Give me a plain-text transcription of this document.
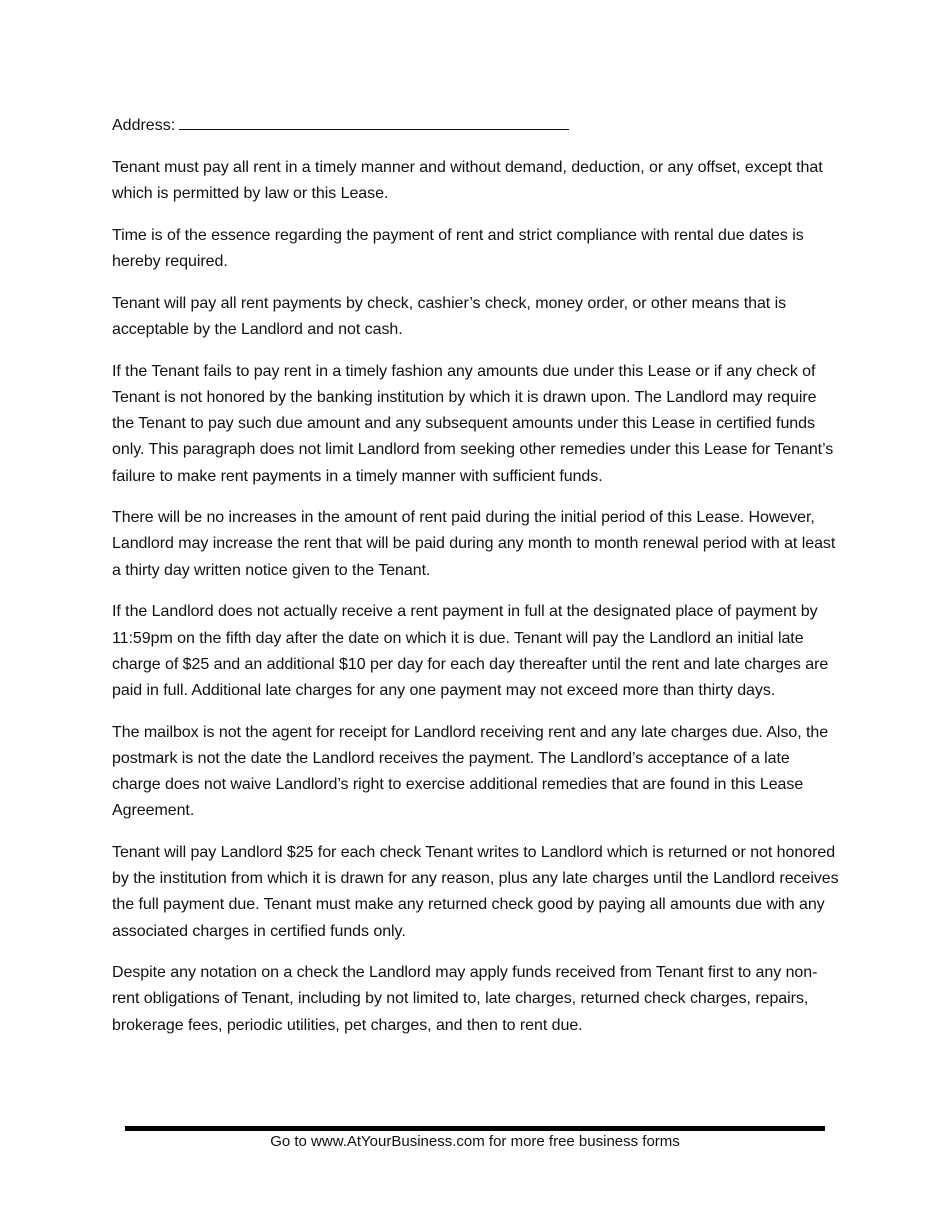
Address:

Tenant must pay all rent in a timely manner and without demand, deduction, or any offset, except that which is permitted by law or this Lease.

Time is of the essence regarding the payment of rent and strict compliance with rental due dates is hereby required.

Tenant will pay all rent payments by check, cashier’s check, money order, or other means that is acceptable by the Landlord and not cash.

If the Tenant fails to pay rent in a timely fashion any amounts due under this Lease or if any check of Tenant is not honored by the banking institution by which it is drawn upon. The Landlord may require the Tenant to pay such due amount and any subsequent amounts under this Lease in certified funds only. This paragraph does not limit Landlord from seeking other remedies under this Lease for Tenant’s failure to make rent payments in a timely manner with sufficient funds.

There will be no increases in the amount of rent paid during the initial period of this Lease. However, Landlord may increase the rent that will be paid during any month to month renewal period with at least a thirty day written notice given to the Tenant.

If the Landlord does not actually receive a rent payment in full at the designated place of payment by 11:59pm on the fifth day after the date on which it is due. Tenant will pay the Landlord an initial late charge of $25 and an additional $10 per day for each day thereafter until the rent and late charges are paid in full. Additional late charges for any one payment may not exceed more than thirty days.

The mailbox is not the agent for receipt for Landlord receiving rent and any late charges due. Also, the postmark is not the date the Landlord receives the payment. The Landlord’s acceptance of a late charge does not waive Landlord’s right to exercise additional remedies that are found in this Lease Agreement.

Tenant will pay Landlord $25 for each check Tenant writes to Landlord which is returned or not honored by the institution from which it is drawn for any reason, plus any late charges until the Landlord receives the full payment due. Tenant must make any returned check good by paying all amounts due with any associated charges in certified funds only.

Despite any notation on a check the Landlord may apply funds received from Tenant first to any non-rent obligations of Tenant, including by not limited to, late charges, returned check charges, repairs, brokerage fees, periodic utilities, pet charges, and then to rent due.

Go to www.AtYourBusiness.com for more free business forms
